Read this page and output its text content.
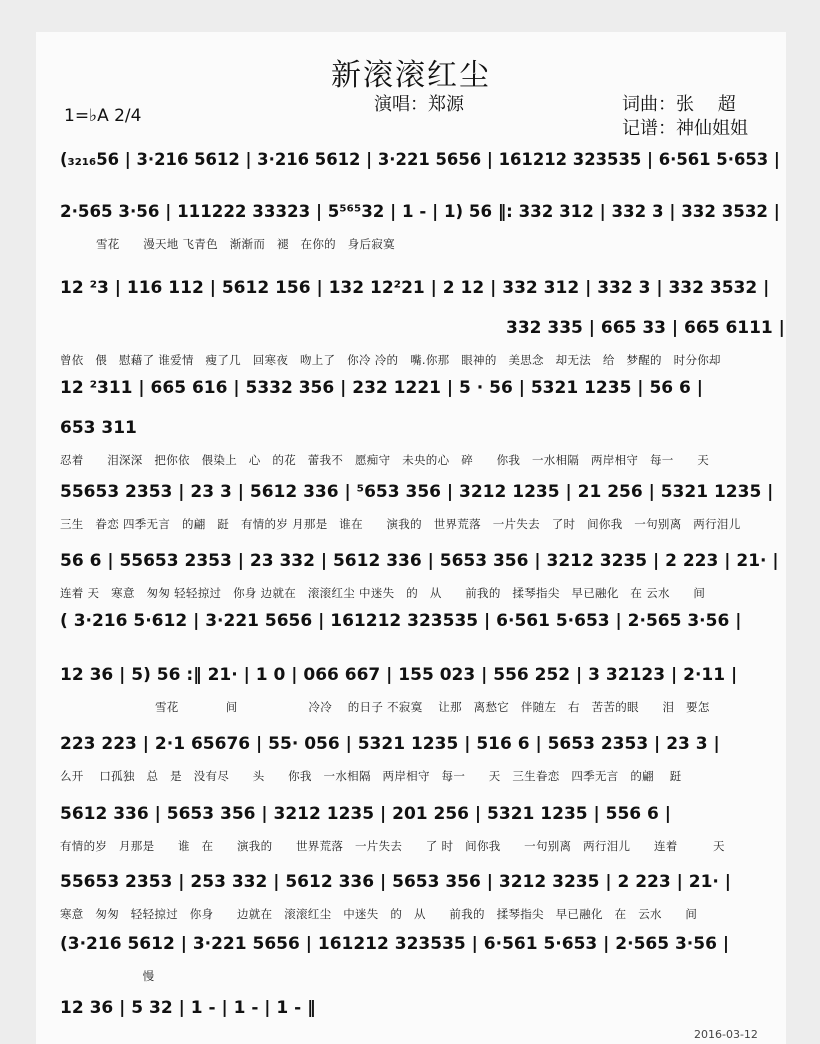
新滚滚红尘
演唱：郑源
1=♭A 2/4
词曲：张　 超
记谱：神仙姐姐
(₃₂₁₆56 | 3·216 5612 | 3·216 5612 | 3·221 5656 | 161212 323535 | 6·561 5·653 |
2·565 3·56 | 111222 33323 | 5⁵⁶⁵32 | 1 - | 1) 56 ‖: 332 312 | 332 3 | 332 3532 |
雪花　　漫天地 飞青色　渐渐而　褪　在你的　身后寂寞
12 ²3 | 116 112 | 5612 156 | 132 12²21 | 2 12 | 332 312 | 332 3 | 332 3532 |
332 335 | 665 33 | 665 6111 |
曾依　偎　慰藉了 谁爱情　瘦了几　回寒夜　吻上了　你冷 冷的　嘴.你那　眼神的　美思念　却无法　给　梦醒的　时分你却
12 ²311 | 665 616 | 5332 356 | 232 1221 | 5 · 56 | 5321 1235 | 56 6 |
653 311
忍着　　泪深深　把你依　偎染上　心　的花　蕾我不　愿痴守　未央的心　碎　　你我　一水相隔　两岸相守　每一　　天
55653 2353 | 23 3 | 5612 336 | ⁵653 356 | 3212 1235 | 21 256 | 5321 1235 |
三生　眷恋 四季无言　的翩　跹　有情的岁 月那是　谁在　　演我的　世界荒落　一片失去　了时　间你我　一句别离　两行泪儿
56 6 | 55653 2353 | 23 332 | 5612 336 | 5653 356 | 3212 3235 | 2 223 | 21· |
连着 天　寒意　匆匆 轻轻掠过　你身 边就在　滚滚红尘 中迷失　的　从　　前我的　揉琴指尖　早已融化　在 云水　　间
( 3·216 5·612 | 3·221 5656 | 161212 323535 | 6·561 5·653 | 2·565 3·56 |
12 36 | 5) 56 :‖ 21· | 1 0 | 066 667 | 155 023 | 556 252 | 3 32123 | 2·11 |
　　　　　雪花　　　　间　　　　　　冷冷　 的日子 不寂寞　 让那　离愁它　伴随左　右　苦苦的眼　　泪　要怎
223 223 | 2·1 65676 | 55· 056 | 5321 1235 | 516 6 | 5653 2353 | 23 3 |
么开　 口孤独　总　是　没有尽　　头　　你我　一水相隔　两岸相守　每一　　天　三生眷恋　四季无言　的翩　 跹
5612 336 | 5653 356 | 3212 1235 | 201 256 | 5321 1235 | 556 6 |
有情的岁　月那是　　谁　在　　演我的　　世界荒落　一片失去　　了 时　间你我　　一句别离　两行泪儿　　连着　　　天
55653 2353 | 253 332 | 5612 336 | 5653 356 | 3212 3235 | 2 223 | 21· |
寒意　匆匆　轻轻掠过　你身　　边就在　滚滚红尘　中迷失　的　从　　前我的　揉琴指尖　早已融化　在　云水　　间
(3·216 5612 | 3·221 5656 | 161212 323535 | 6·561 5·653 | 2·565 3·56 |
　　　　　　　慢
12 36 | 5 32 | 1 - | 1 - | 1 - ‖
2016-03-12
